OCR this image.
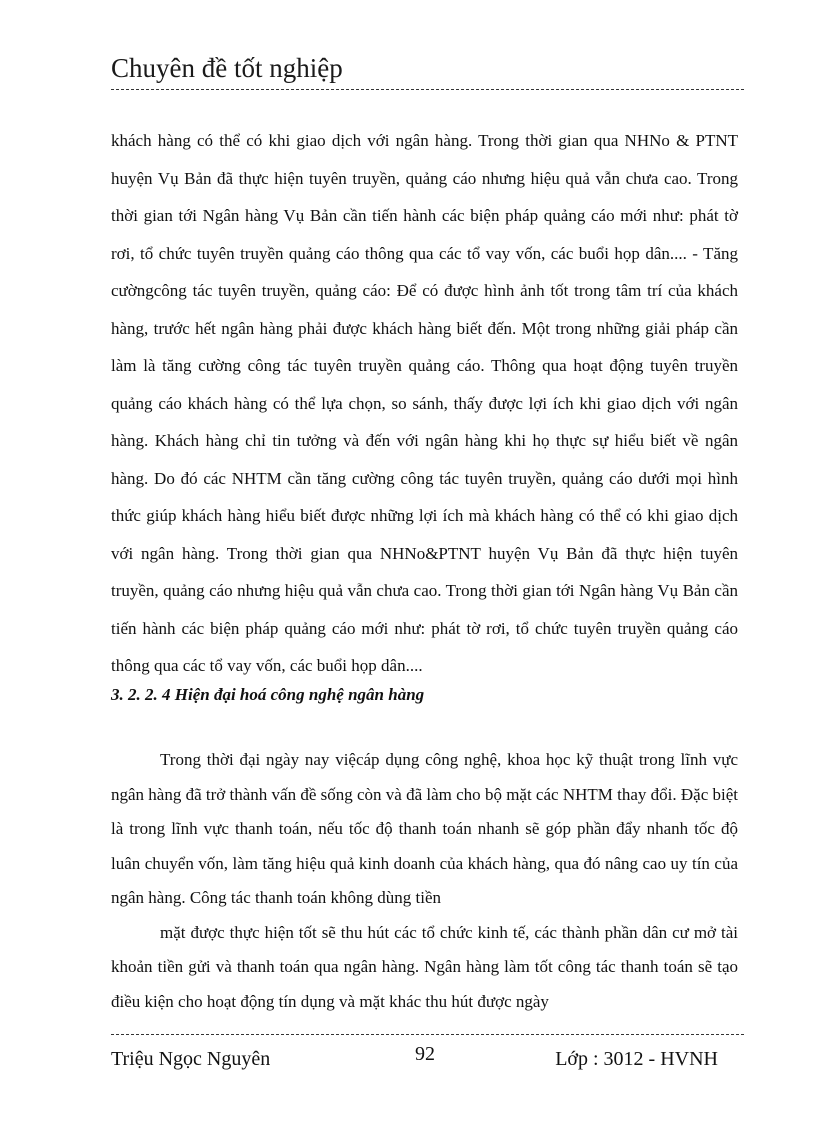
Chuyên đề tốt nghiệp

khách hàng có thể có khi giao dịch với ngân hàng. Trong thời gian qua NHNo & PTNT huyện Vụ Bản đã thực hiện tuyên truyền, quảng cáo nhưng hiệu quả vẫn chưa cao. Trong thời gian tới Ngân hàng Vụ Bản cần tiến hành các biện pháp quảng cáo mới như: phát tờ rơi, tổ chức tuyên truyền quảng cáo thông qua các tổ vay vốn, các buổi họp dân.... - Tăng cườngcông tác tuyên truyền, quảng cáo: Để có được hình ảnh tốt trong tâm trí của khách hàng, trước hết ngân hàng phải được khách hàng biết đến. Một trong những giải pháp cần làm là tăng cường công tác tuyên truyền quảng cáo. Thông qua hoạt động tuyên truyền quảng cáo khách hàng có thể lựa chọn, so sánh, thấy được lợi ích khi giao dịch với ngân hàng. Khách hàng chỉ tin tưởng và đến với ngân hàng khi họ thực sự hiểu biết về ngân hàng. Do đó các NHTM cần tăng cường công tác tuyên truyền, quảng cáo dưới mọi hình thức giúp khách hàng hiểu biết được những lợi ích mà khách hàng có thể có khi giao dịch với ngân hàng. Trong thời gian qua NHNo&PTNT huyện Vụ Bản đã thực hiện tuyên truyền, quảng cáo nhưng hiệu quả vẫn chưa cao. Trong thời gian tới Ngân hàng Vụ Bản cần tiến hành các biện pháp quảng cáo mới như: phát tờ rơi, tổ chức tuyên truyền quảng cáo thông qua các tổ vay vốn, các buổi họp dân....

3. 2. 2. 4 Hiện đại hoá công nghệ ngân hàng

Trong thời đại ngày nay việcáp dụng công nghệ, khoa học kỹ thuật trong lĩnh vực ngân hàng đã trở thành vấn đề sống còn và đã làm cho bộ mặt các NHTM thay đổi. Đặc biệt là trong lĩnh vực thanh toán, nếu tốc độ thanh toán nhanh sẽ góp phần đẩy nhanh tốc độ luân chuyển vốn, làm tăng hiệu quả kinh doanh của khách hàng, qua đó nâng cao uy tín của ngân hàng. Công tác thanh toán không dùng tiền

mặt được thực hiện tốt sẽ thu hút các tổ chức kinh tế, các thành phần dân cư mở tài khoản tiền gửi và thanh toán qua ngân hàng. Ngân hàng làm tốt công tác thanh toán sẽ tạo điều kiện cho hoạt động tín dụng và mặt khác thu hút được ngày

Triệu Ngọc Nguyên	92	Lớp : 3012 - HVNH
